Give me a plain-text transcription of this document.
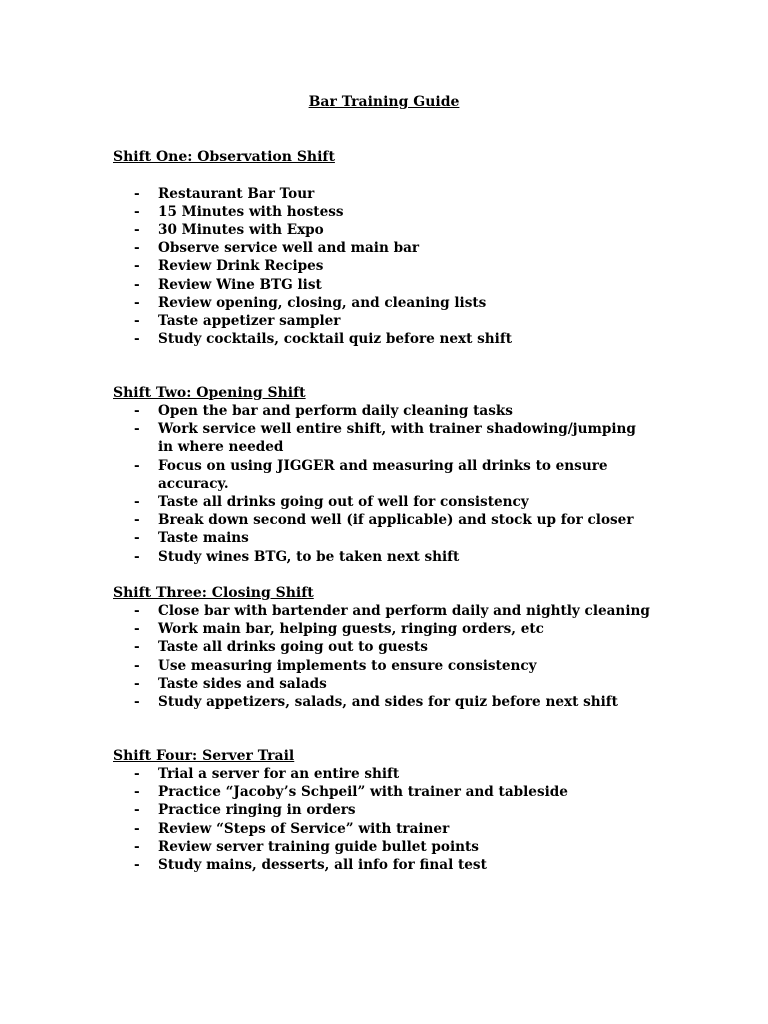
Bar Training Guide
Shift One: Observation Shift
-	Restaurant Bar Tour
-	15 Minutes with hostess
-	30 Minutes with Expo
-	Observe service well and main bar
-	Review Drink Recipes
-	Review Wine BTG list
-	Review opening, closing, and cleaning lists
-	Taste appetizer sampler
-	Study cocktails, cocktail quiz before next shift
Shift Two: Opening Shift
-	Open the bar and perform daily cleaning tasks
-	Work service well entire shift, with trainer shadowing/jumping in where needed
-	Focus on using JIGGER and measuring all drinks to ensure accuracy.
-	Taste all drinks going out of well for consistency
-	Break down second well (if applicable) and stock up for closer
-	Taste mains
-	Study wines BTG, to be taken next shift
Shift Three: Closing Shift
-	Close bar with bartender and perform daily and nightly cleaning
-	Work main bar, helping guests, ringing orders, etc
-	Taste all drinks going out to guests
-	Use measuring implements to ensure consistency
-	Taste sides and salads
-	Study appetizers, salads, and sides for quiz before next shift
Shift Four: Server Trail
-	Trial a server for an entire shift
-	Practice “Jacoby’s Schpeil” with trainer and tableside
-	Practice ringing in orders
-	Review “Steps of Service” with trainer
-	Review server training guide bullet points
-	Study mains, desserts, all info for final test
